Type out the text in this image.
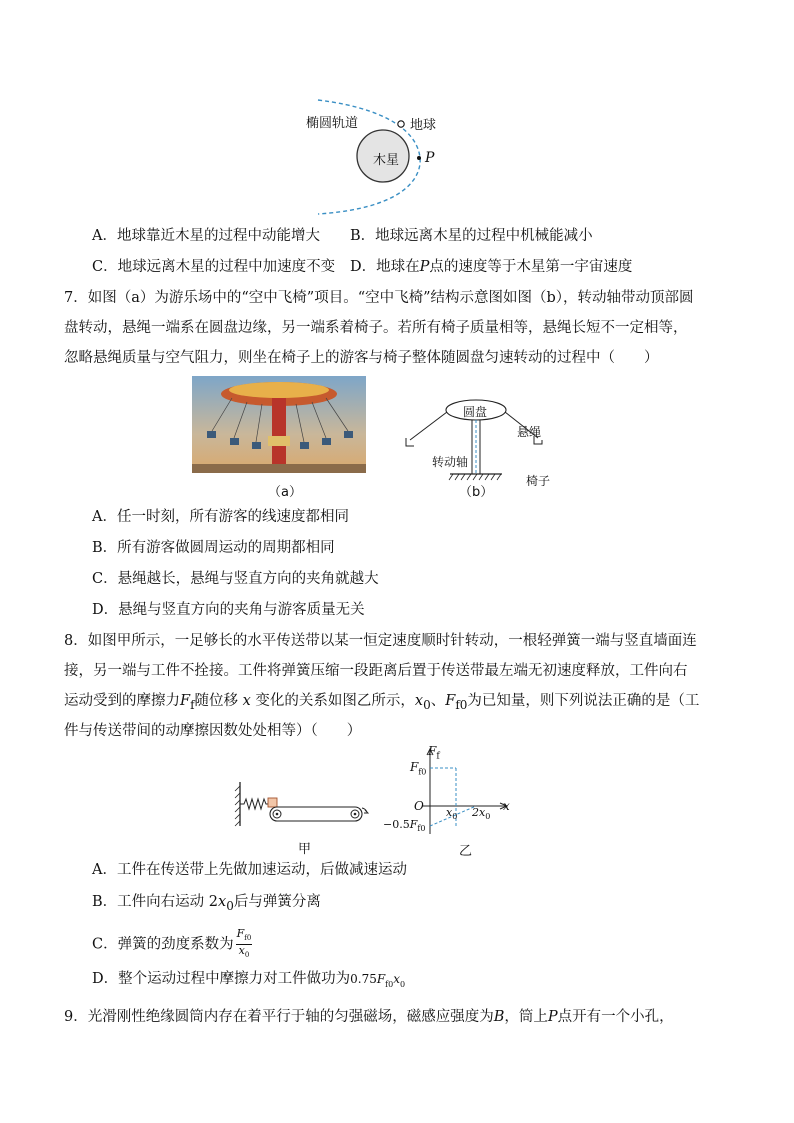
椭圆轨道	地球
木星 P
A．地球靠近木星的过程中动能增大 B．地球远离木星的过程中机械能减小
C．地球远离木星的过程中加速度不变 D．地球在P点的速度等于木星第一宇宙速度
7．如图（a）为游乐场中的“空中飞椅”项目。“空中飞椅”结构示意图如图（b），转动轴带动顶部圆
盘转动，悬绳一端系在圆盘边缘，另一端系着椅子。若所有椅子质量相等，悬绳长短不一定相等，
忽略悬绳质量与空气阻力，则坐在椅子上的游客与椅子整体随圆盘匀速转动的过程中（　　）
（a）
圆盘
悬绳
转动轴
椅子
（b）
A．任一时刻，所有游客的线速度都相同
B．所有游客做圆周运动的周期都相同
C．悬绳越长，悬绳与竖直方向的夹角就越大
D．悬绳与竖直方向的夹角与游客质量无关
8．如图甲所示，一足够长的水平传送带以某一恒定速度顺时针转动，一根轻弹簧一端与竖直墙面连
接，另一端与工件不拴接。工件将弹簧压缩一段距离后置于传送带最左端无初速度释放，工件向右
运动受到的摩擦力$F_f$随位移 x 变化的关系如图乙所示，$x_0$、$F_{f0}$为已知量，则下列说法正确的是（工
件与传送带间的动摩擦因数处处相等）（　　）
甲
$F_f$
$F_{f0}$
O
$-0.5F_{f0}$
x
$x_0$ $2x_0$
乙
A．工件在传送带上先做加速运动，后做减速运动
B．工件向右运动 $2x_0$后与弹簧分离
C．弹簧的劲度系数为 $\frac{F_{f0}}{x_0}$
D．整个运动过程中摩擦力对工件做功为$0.75F_{f0}x_0$
9．光滑刚性绝缘圆筒内存在着平行于轴的匀强磁场，磁感应强度为B，筒上P点开有一个小孔，
